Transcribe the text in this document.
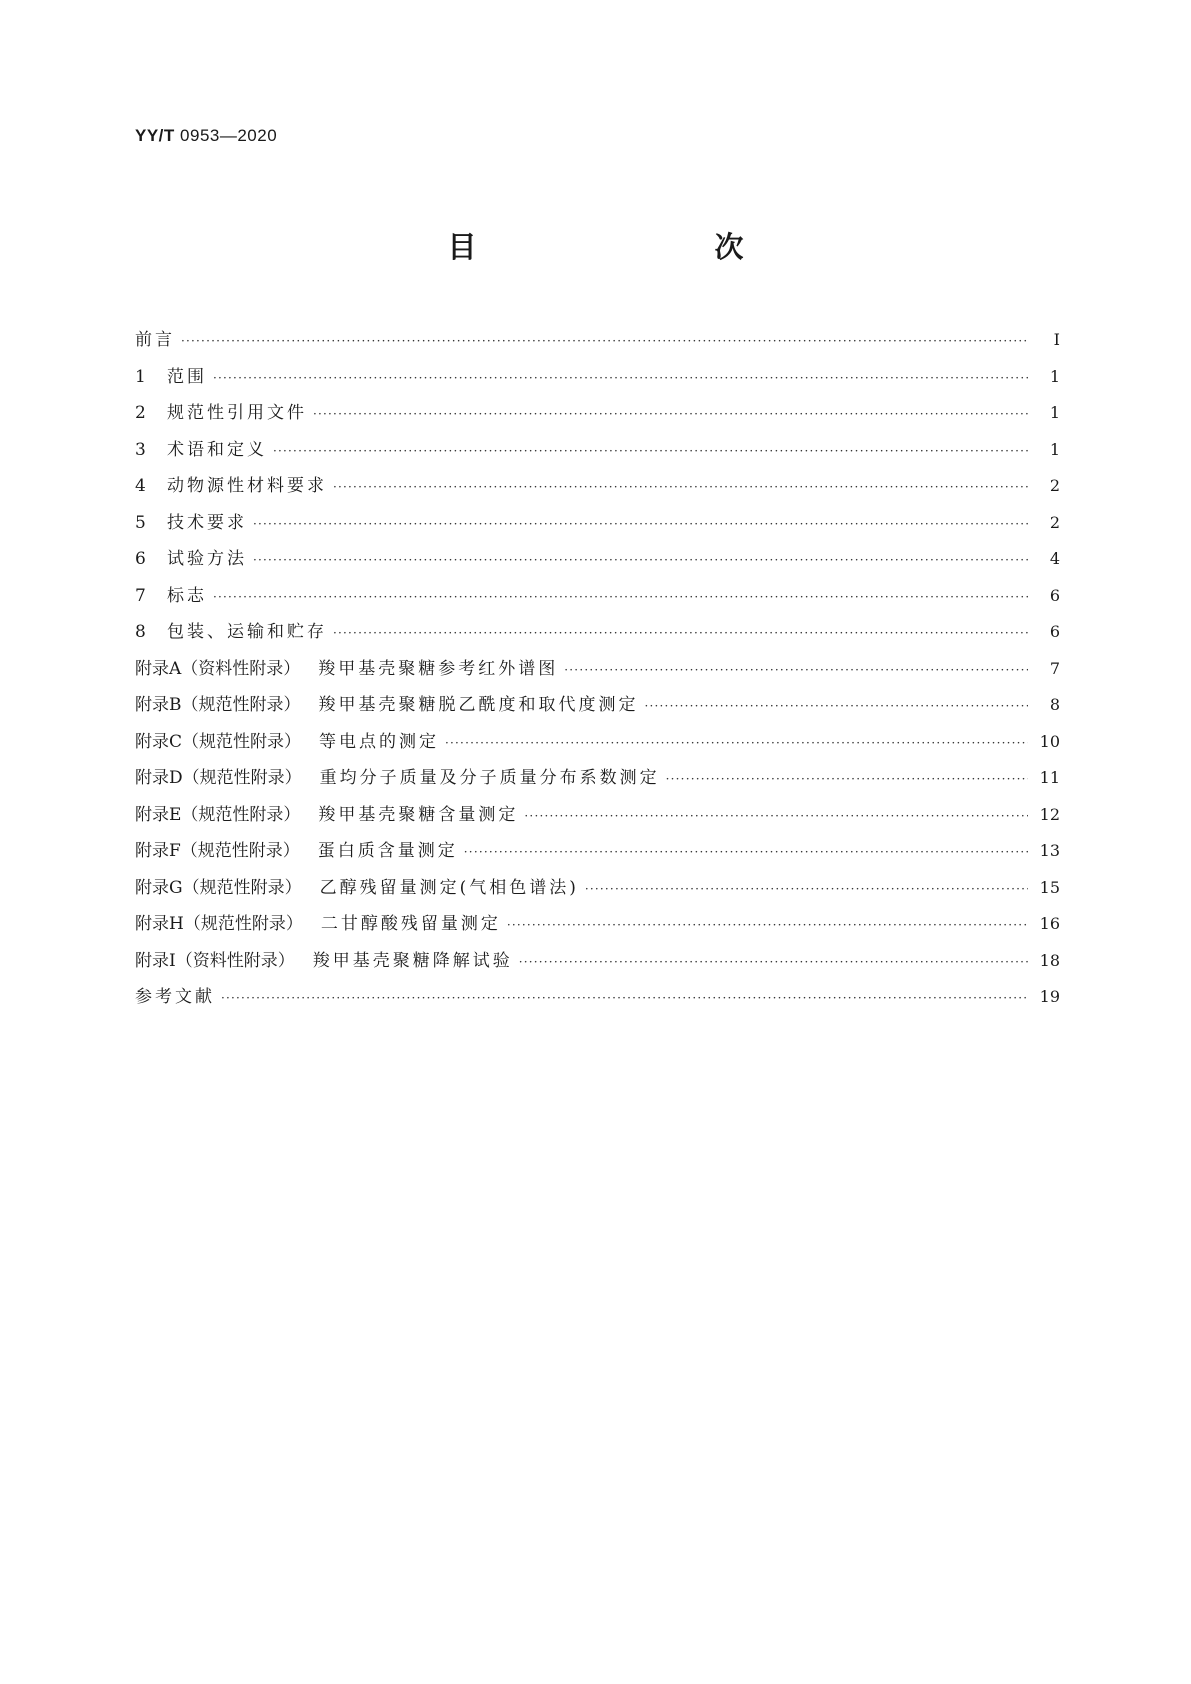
YY/T 0953—2020
目　　次
前言 ·····	Ⅰ
1	范围 ·····	1
2	规范性引用文件 ·····	1
3	术语和定义 ·····	1
4	动物源性材料要求 ·····	2
5	技术要求 ·····	2
6	试验方法 ·····	4
7	标志 ·····	6
8	包装、运输和贮存 ·····	6
附录A（资料性附录） 羧甲基壳聚糖参考红外谱图 ·····	7
附录B（规范性附录） 羧甲基壳聚糖脱乙酰度和取代度测定 ·····	8
附录C（规范性附录） 等电点的测定 ·····	10
附录D（规范性附录） 重均分子质量及分子质量分布系数测定 ·····	11
附录E（规范性附录） 羧甲基壳聚糖含量测定 ·····	12
附录F（规范性附录） 蛋白质含量测定 ·····	13
附录G（规范性附录） 乙醇残留量测定(气相色谱法) ·····	15
附录H（规范性附录） 二甘醇酸残留量测定 ·····	16
附录I（资料性附录） 羧甲基壳聚糖降解试验 ·····	18
参考文献 ·····	19
